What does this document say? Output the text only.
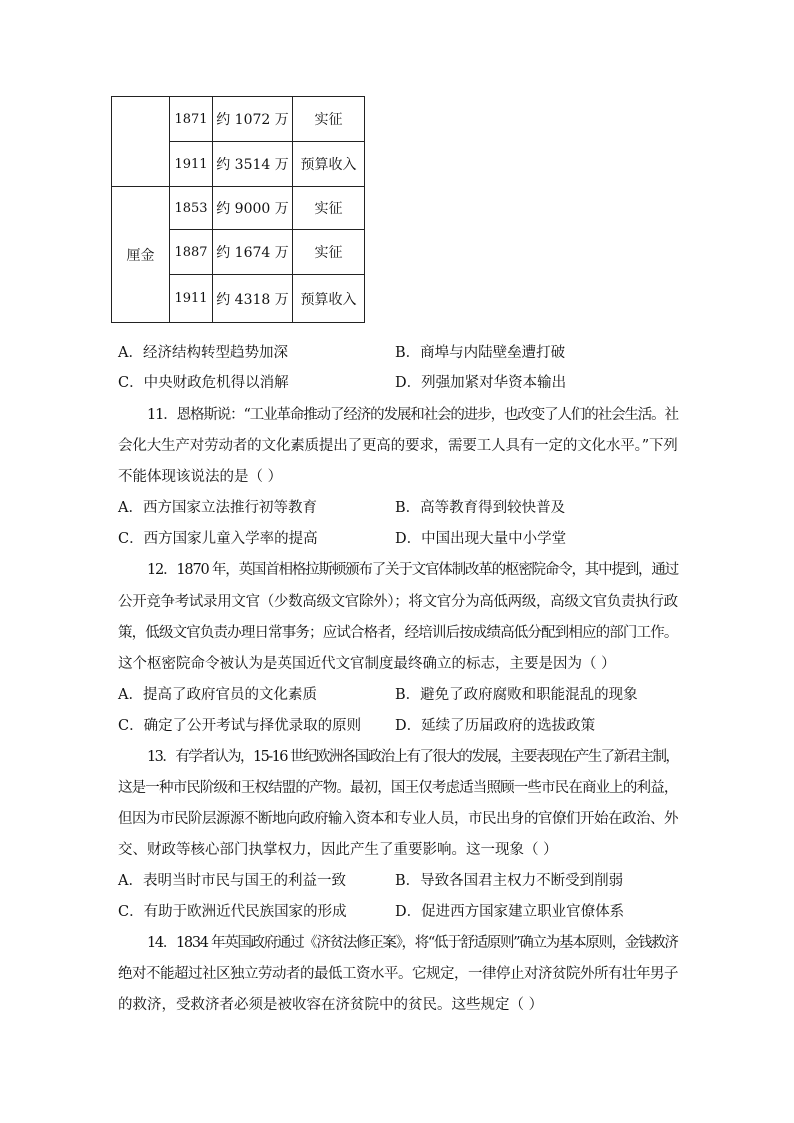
	1871	约 1072 万	实征
	1911	约 3514 万	预算收入
厘金	1853	约 9000 万	实征
	1887	约 1674 万	实征
	1911	约 4318 万	预算收入
A．经济结构转型趋势加深	B．商埠与内陆壁垒遭打破
C．中央财政危机得以消解	D．列强加紧对华资本输出
11．恩格斯说：“工业革命推动了经济的发展和社会的进步，也改变了人们的社会生活。社
会化大生产对劳动者的文化素质提出了更高的要求，需要工人具有一定的文化水平。”下列
不能体现该说法的是（ ）
A．西方国家立法推行初等教育	B．高等教育得到较快普及
C．西方国家儿童入学率的提高	D．中国出现大量中小学堂
12．1870 年，英国首相格拉斯顿颁布了关于文官体制改革的枢密院命令，其中提到，通过
公开竞争考试录用文官（少数高级文官除外）；将文官分为高低两级，高级文官负责执行政
策，低级文官负责办理日常事务；应试合格者，经培训后按成绩高低分配到相应的部门工作。
这个枢密院命令被认为是英国近代文官制度最终确立的标志，主要是因为（ ）
A．提高了政府官员的文化素质	B．避免了政府腐败和职能混乱的现象
C．确定了公开考试与择优录取的原则 D．延续了历届政府的选拔政策
13．有学者认为，15-16 世纪欧洲各国政治上有了很大的发展，主要表现在产生了新君主制，
这是一种市民阶级和王权结盟的产物。最初，国王仅考虑适当照顾一些市民在商业上的利益，
但因为市民阶层源源不断地向政府输入资本和专业人员，市民出身的官僚们开始在政治、外
交、财政等核心部门执掌权力，因此产生了重要影响。这一现象（ ）
A．表明当时市民与国王的利益一致	B．导致各国君主权力不断受到削弱
C．有助于欧洲近代民族国家的形成	D．促进西方国家建立职业官僚体系
14．1834 年英国政府通过《济贫法修正案》，将“低于舒适原则”确立为基本原则，金钱救济
绝对不能超过社区独立劳动者的最低工资水平。它规定，一律停止对济贫院外所有壮年男子
的救济，受救济者必须是被收容在济贫院中的贫民。这些规定（ ）
